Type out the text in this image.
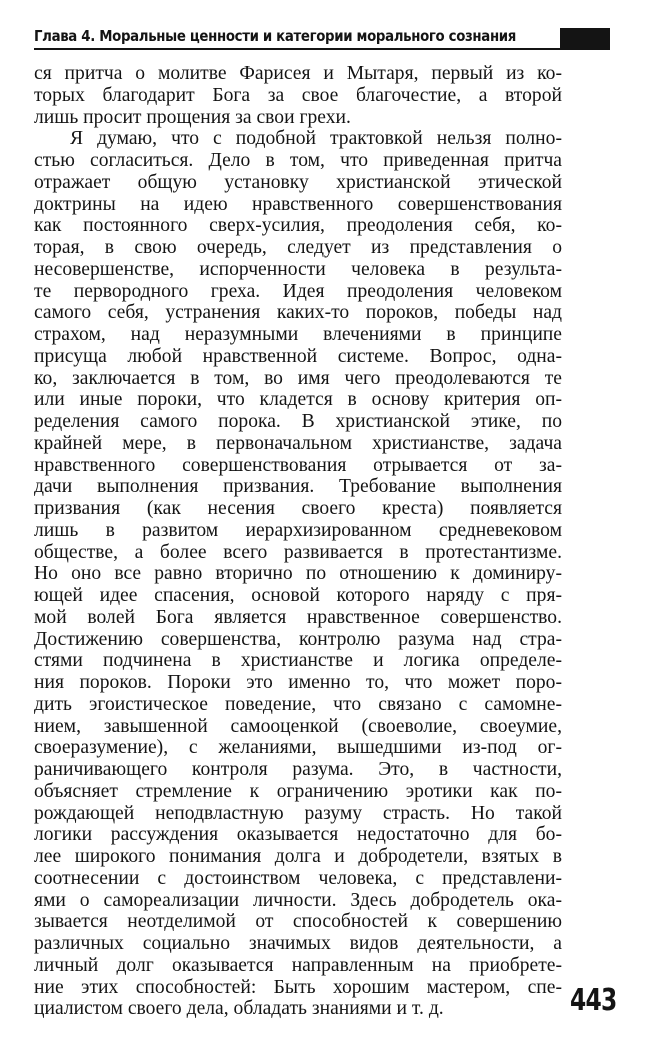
Глава 4. Моральные ценности и категории морального сознания
ся притча о молитве Фарисея и Мытаря, первый из ко-
торых благодарит Бога за свое благочестие, а второй
лишь просит прощения за свои грехи.
Я думаю, что с подобной трактовкой нельзя полно-
стью согласиться. Дело в том, что приведенная притча
отражает общую установку христианской этической
доктрины на идею нравственного совершенствования
как постоянного сверх-усилия, преодоления себя, ко-
торая, в свою очередь, следует из представления о
несовершенстве, испорченности человека в результа-
те первородного греха. Идея преодоления человеком
самого себя, устранения каких-то пороков, победы над
страхом, над неразумными влечениями в принципе
присуща любой нравственной системе. Вопрос, одна-
ко, заключается в том, во имя чего преодолеваются те
или иные пороки, что кладется в основу критерия оп-
ределения самого порока. В христианской этике, по
крайней мере, в первоначальном христианстве, задача
нравственного совершенствования отрывается от за-
дачи выполнения призвания. Требование выполнения
призвания (как несения своего креста) появляется
лишь в развитом иерархизированном средневековом
обществе, а более всего развивается в протестантизме.
Но оно все равно вторично по отношению к доминиру-
ющей идее спасения, основой которого наряду с пря-
мой волей Бога является нравственное совершенство.
Достижению совершенства, контролю разума над стра-
стями подчинена в христианстве и логика определе-
ния пороков. Пороки это именно то, что может поро-
дить эгоистическое поведение, что связано с самомне-
нием, завышенной самооценкой (своеволие, своеумие,
своеразумение), с желаниями, вышедшими из-под ог-
раничивающего контроля разума. Это, в частности,
объясняет стремление к ограничению эротики как по-
рождающей неподвластную разуму страсть. Но такой
логики рассуждения оказывается недостаточно для бо-
лее широкого понимания долга и добродетели, взятых в
соотнесении с достоинством человека, с представлени-
ями о самореализации личности. Здесь добродетель ока-
зывается неотделимой от способностей к совершению
различных социально значимых видов деятельности, а
личный долг оказывается направленным на приобрете-
ние этих способностей: Быть хорошим мастером, спе-
циалистом своего дела, обладать знаниями и т. д.	443
